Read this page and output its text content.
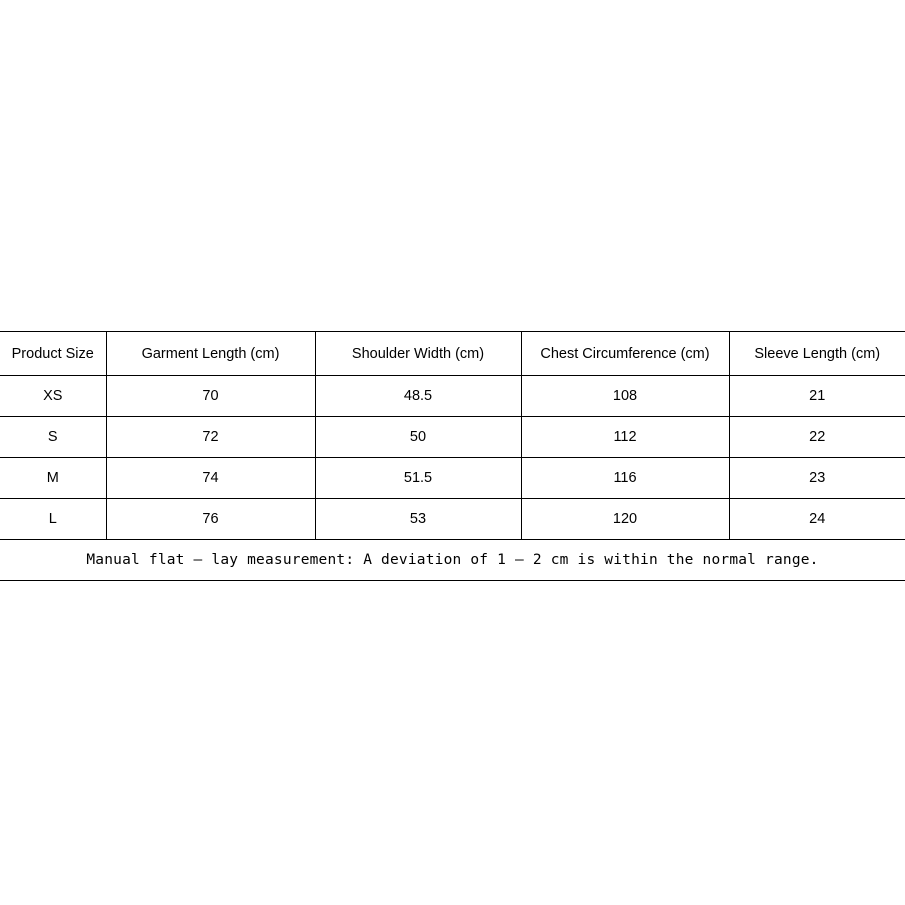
Product Size	Garment Length (cm)	Shoulder Width (cm)	Chest Circumference (cm)	Sleeve Length (cm)
XS	70	48.5	108	21
S	72	50	112	22
M	74	51.5	116	23
L	76	53	120	24
Manual flat – lay measurement: A deviation of 1 – 2 cm is within the normal range.				
